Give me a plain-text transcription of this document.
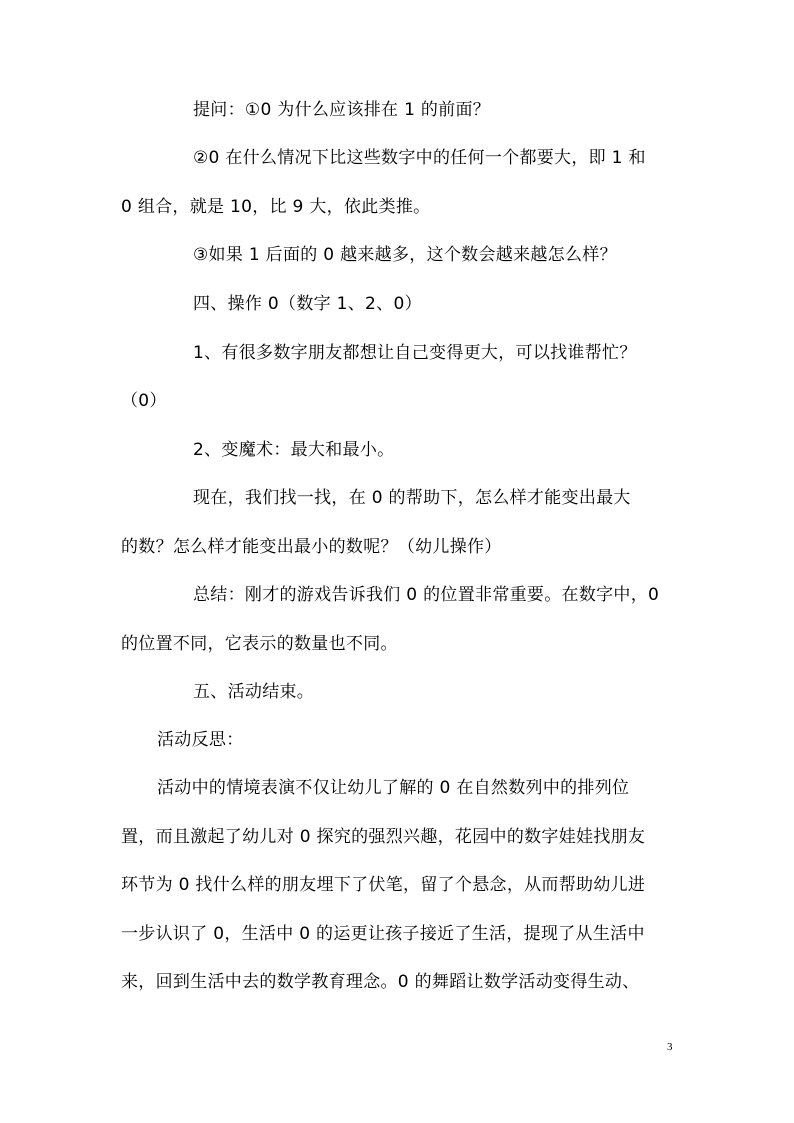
提问：①0 为什么应该排在 1 的前面？
②0 在什么情况下比这些数字中的任何一个都要大，即 1 和
0 组合，就是 10，比 9 大，依此类推。
③如果 1 后面的 0 越来越多，这个数会越来越怎么样？
四、操作 0（数字 1、2、0）
1、有很多数字朋友都想让自己变得更大，可以找谁帮忙？
（0）
2、变魔术：最大和最小。
现在，我们找一找，在 0 的帮助下，怎么样才能变出最大
的数？怎么样才能变出最小的数呢？（幼儿操作）
总结：刚才的游戏告诉我们 0 的位置非常重要。在数字中，0
的位置不同，它表示的数量也不同。
五、活动结束。
活动反思：
活动中的情境表演不仅让幼儿了解的 0 在自然数列中的排列位
置，而且激起了幼儿对 0 探究的强烈兴趣，花园中的数字娃娃找朋友
环节为 0 找什么样的朋友埋下了伏笔，留了个悬念，从而帮助幼儿进
一步认识了 0，生活中 0 的运更让孩子接近了生活，提现了从生活中
来，回到生活中去的数学教育理念。0 的舞蹈让数学活动变得生动、
3
